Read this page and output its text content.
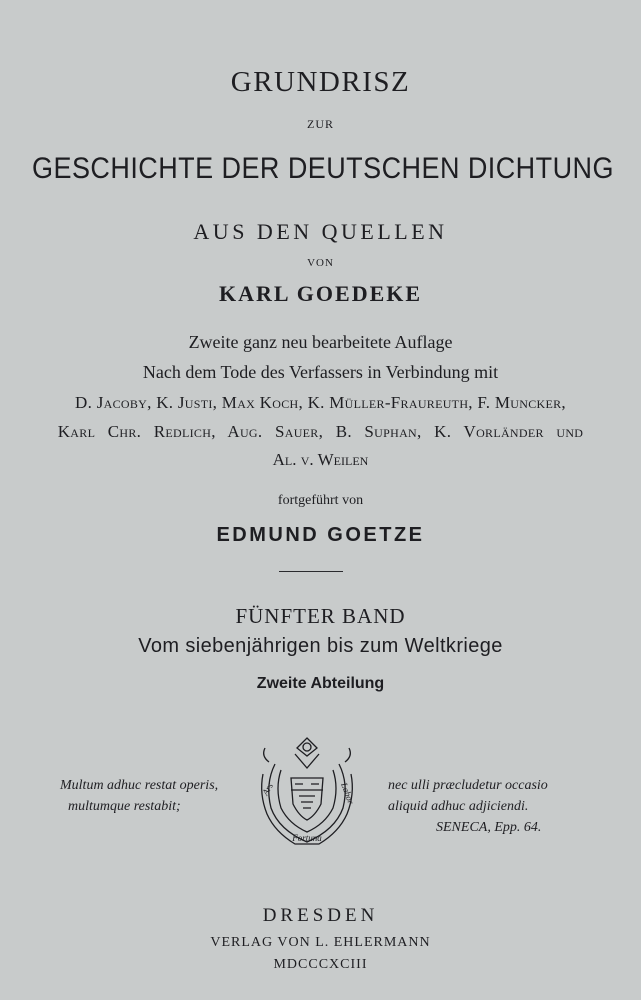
GRUNDRISZ
ZUR
GESCHICHTE DER DEUTSCHEN DICHTUNG
AUS DEN QUELLEN
VON
KARL GOEDEKE
Zweite ganz neu bearbeitete Auflage
Nach dem Tode des Verfassers in Verbindung mit
D. Jacoby, K. Justi, Max Koch, K. Müller-Fraureuth, F. Muncker,
Karl Chr. Redlich, Aug. Sauer, B. Suphan, K. Vorländer und
Al. v. Weilen
fortgeführt von
EDMUND GOETZE
FÜNFTER BAND
Vom siebenjährigen bis zum Weltkriege
Zweite Abteilung
Multum adhuc restat operis,
multumque restabit;
Ars	Labor
Fortuna
nec ulli præcludetur occasio
aliquid adhuc adjiciendi.
SENECA, Epp. 64.
DRESDEN
VERLAG VON L. EHLERMANN
MDCCCXCIII
